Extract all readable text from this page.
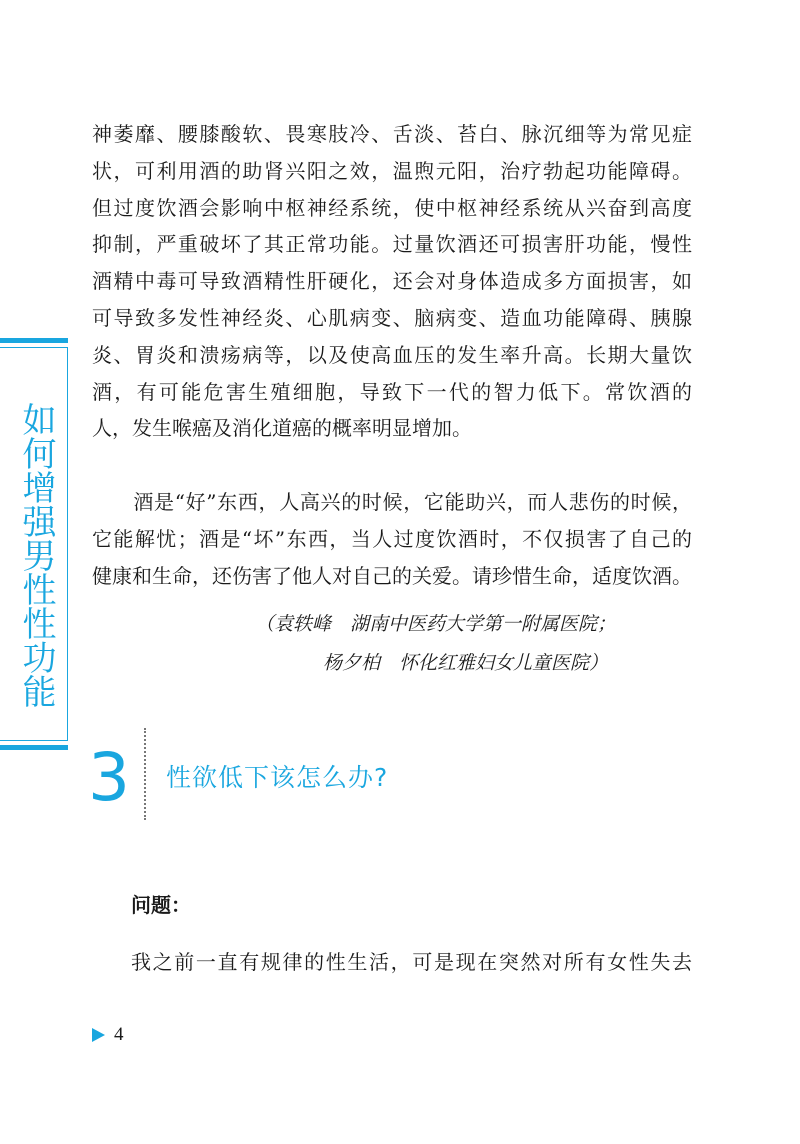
如何增强男性性功能
神萎靡、腰膝酸软、畏寒肢冷、舌淡、苔白、脉沉细等为常见症
状，可利用酒的助肾兴阳之效，温煦元阳，治疗勃起功能障碍。
但过度饮酒会影响中枢神经系统，使中枢神经系统从兴奋到高度
抑制，严重破坏了其正常功能。过量饮酒还可损害肝功能，慢性
酒精中毒可导致酒精性肝硬化，还会对身体造成多方面损害，如
可导致多发性神经炎、心肌病变、脑病变、造血功能障碍、胰腺
炎、胃炎和溃疡病等，以及使高血压的发生率升高。长期大量饮
酒，有可能危害生殖细胞，导致下一代的智力低下。常饮酒的
人，发生喉癌及消化道癌的概率明显增加。
　　酒是“好”东西，人高兴的时候，它能助兴，而人悲伤的时候，
它能解忧；酒是“坏”东西，当人过度饮酒时，不仅损害了自己的
健康和生命，还伤害了他人对自己的关爱。请珍惜生命，适度饮酒。
（袁轶峰　湖南中医药大学第一附属医院；
杨夕柏　怀化红雅妇女儿童医院）
3 性欲低下该怎么办?
问题：
我之前一直有规律的性生活，可是现在突然对所有女性失去
4
